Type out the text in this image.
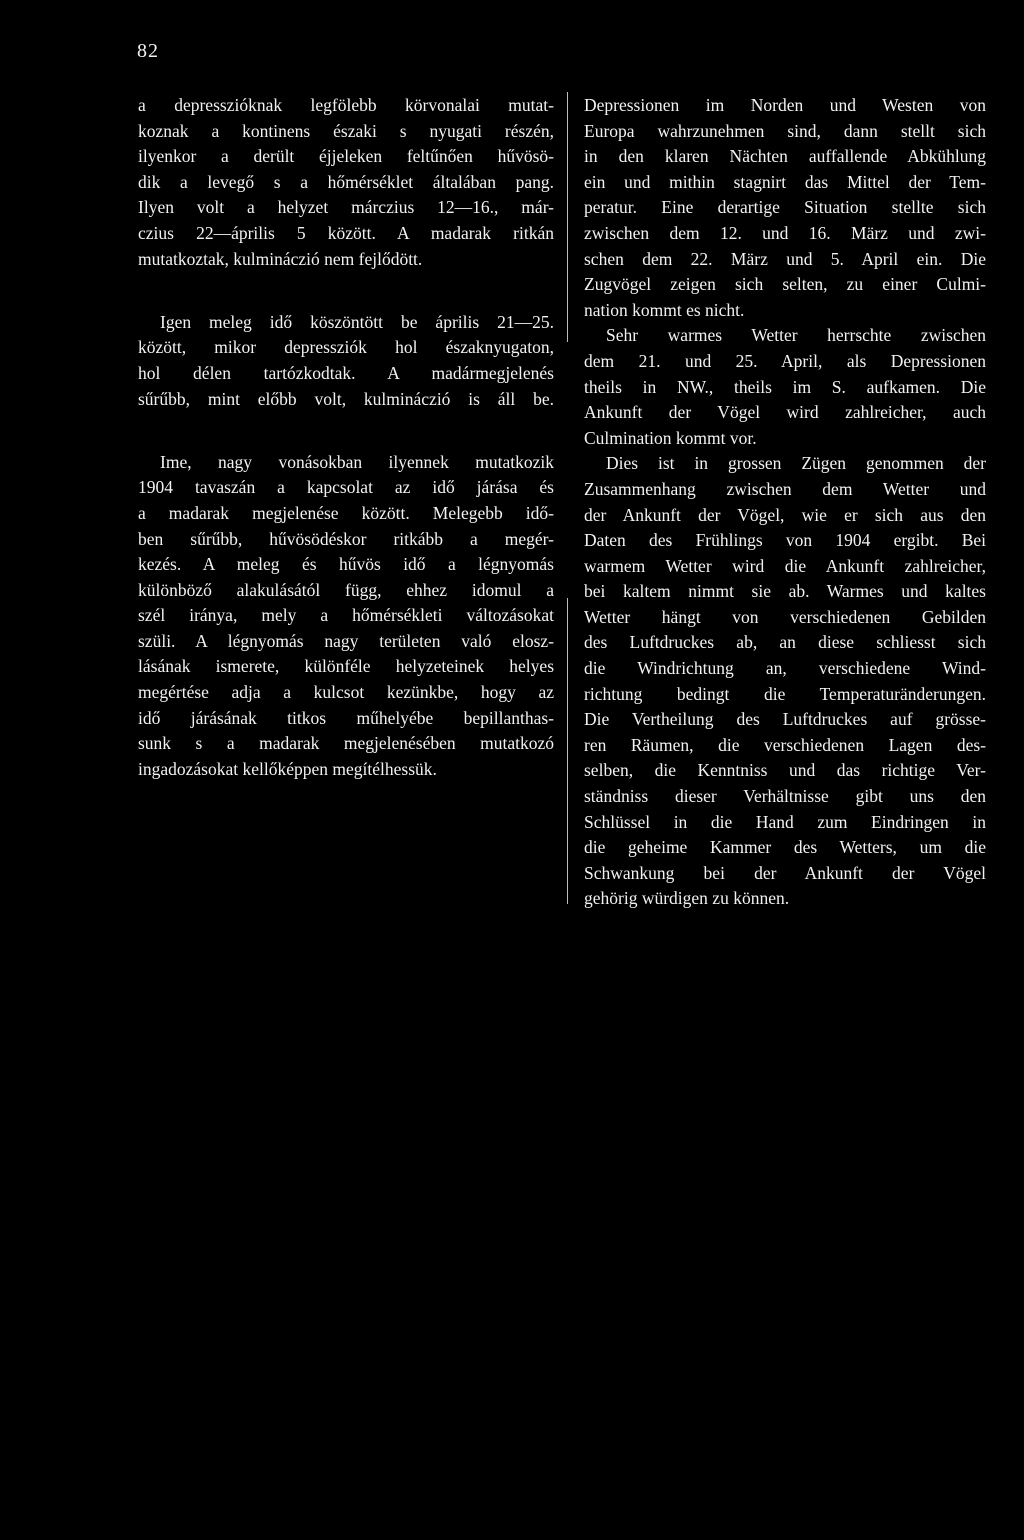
82
a depresszióknak legfölebb körvonalai mutat-
koznak a kontinens északi s nyugati részén,
ilyenkor a derült éjjeleken feltűnően hűvösö-
dik a levegő s a hőmérséklet általában pang.
Ilyen volt a helyzet márczius 12—16., már-
czius 22—április 5 között. A madarak ritkán
mutatkoztak, kulmináczió nem fejlődött.
Igen meleg idő köszöntött be április 21—25.
között, mikor depressziók hol északnyugaton,
hol délen tartózkodtak. A madármegjelenés
sűrűbb, mint előbb volt, kulmináczió is áll be.
Ime, nagy vonásokban ilyennek mutatkozik
1904 tavaszán a kapcsolat az idő járása és
a madarak megjelenése között. Melegebb idő-
ben sűrűbb, hűvösödéskor ritkább a megér-
kezés. A meleg és hűvös idő a légnyomás
különböző alakulásától függ, ehhez idomul a
szél iránya, mely a hőmérsékleti változásokat
szüli. A légnyomás nagy területen való elosz-
lásának ismerete, különféle helyzeteinek helyes
megértése adja a kulcsot kezünkbe, hogy az
idő járásának titkos műhelyébe bepillanthas-
sunk s a madarak megjelenésében mutatkozó
ingadozásokat kellőképpen megítélhessük.
Depressionen im Norden und Westen von
Europa wahrzunehmen sind, dann stellt sich
in den klaren Nächten auffallende Abkühlung
ein und mithin stagnirt das Mittel der Tem-
peratur. Eine derartige Situation stellte sich
zwischen dem 12. und 16. März und zwi-
schen dem 22. März und 5. April ein. Die
Zugvögel zeigen sich selten, zu einer Culmi-
nation kommt es nicht.
Sehr warmes Wetter herrschte zwischen
dem 21. und 25. April, als Depressionen
theils in NW., theils im S. aufkamen. Die
Ankunft der Vögel wird zahlreicher, auch
Culmination kommt vor.
Dies ist in grossen Zügen genommen der
Zusammenhang zwischen dem Wetter und
der Ankunft der Vögel, wie er sich aus den
Daten des Frühlings von 1904 ergibt. Bei
warmem Wetter wird die Ankunft zahlreicher,
bei kaltem nimmt sie ab. Warmes und kaltes
Wetter hängt von verschiedenen Gebilden
des Luftdruckes ab, an diese schliesst sich
die Windrichtung an, verschiedene Wind-
richtung bedingt die Temperaturänderungen.
Die Vertheilung des Luftdruckes auf grösse-
ren Räumen, die verschiedenen Lagen des-
selben, die Kenntniss und das richtige Ver-
ständniss dieser Verhältnisse gibt uns den
Schlüssel in die Hand zum Eindringen in
die geheime Kammer des Wetters, um die
Schwankung bei der Ankunft der Vögel
gehörig würdigen zu können.
